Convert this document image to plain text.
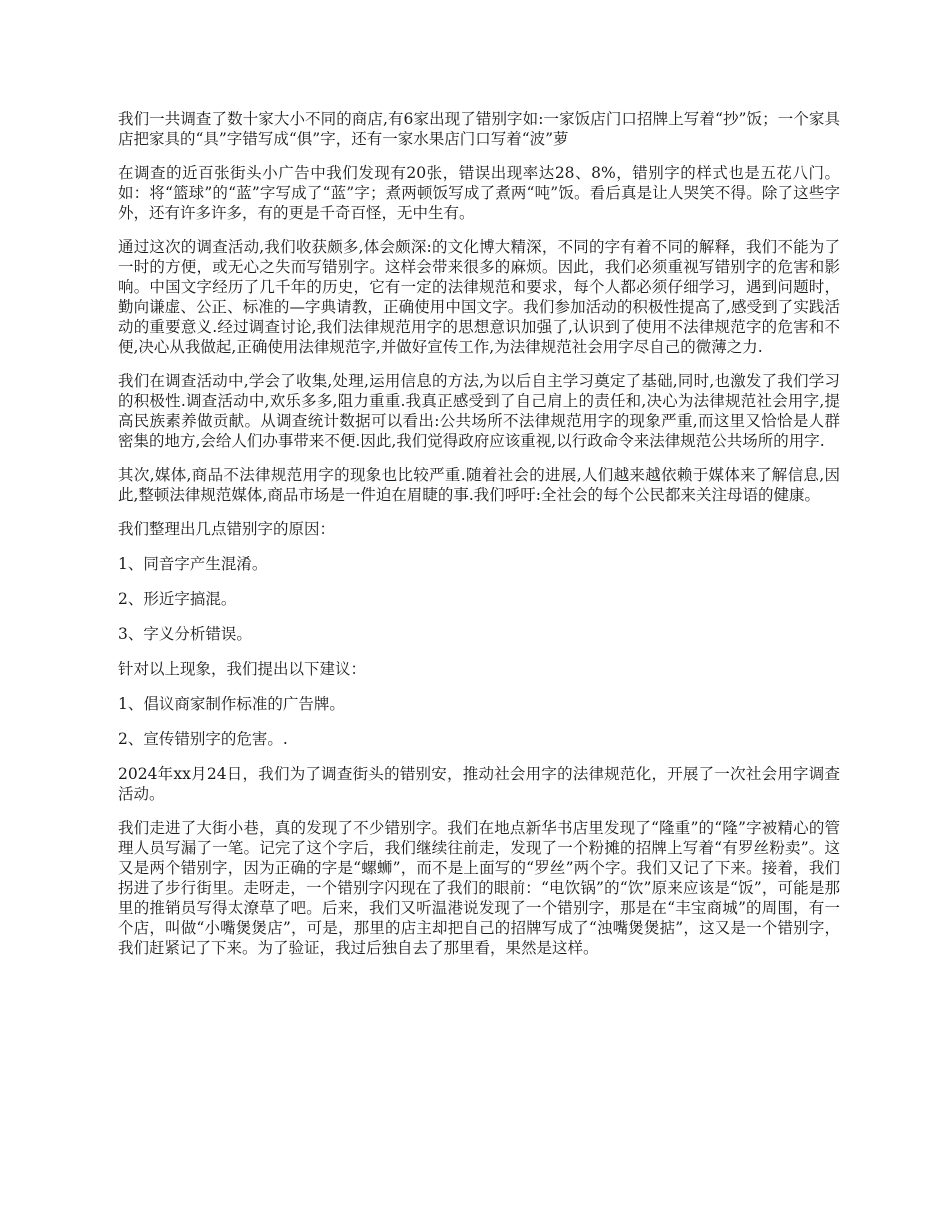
我们一共调查了数十家大小不同的商店,有6家出现了错别字如:一家饭店门口招牌上写着“抄”饭；一个家具店把家具的“具”字错写成“俱”字，还有一家水果店门口写着“波”萝

在调查的近百张街头小广告中我们发现有20张，错误出现率达28、8%，错别字的样式也是五花八门。如：将“篮球”的“蓝”字写成了“蓝”字；煮两顿饭写成了煮两“吨”饭。看后真是让人哭笑不得。除了这些字外，还有许多许多，有的更是千奇百怪，无中生有。

通过这次的调查活动,我们收获颇多,体会颇深:的文化博大精深，不同的字有着不同的解释，我们不能为了一时的方便，或无心之失而写错别字。这样会带来很多的麻烦。因此，我们必须重视写错别字的危害和影响。中国文字经历了几千年的历史，它有一定的法律规范和要求，每个人都必须仔细学习，遇到问题时，勤向谦虚、公正、标准的—字典请教，正确使用中国文字。我们参加活动的积极性提高了,感受到了实践活动的重要意义.经过调查讨论,我们法律规范用字的思想意识加强了,认识到了使用不法律规范字的危害和不便,决心从我做起,正确使用法律规范字,并做好宣传工作,为法律规范社会用字尽自己的微薄之力.

我们在调查活动中,学会了收集,处理,运用信息的方法,为以后自主学习奠定了基础,同时,也激发了我们学习的积极性.调查活动中,欢乐多多,阻力重重.我真正感受到了自己肩上的责任和,决心为法律规范社会用字,提高民族素养做贡献。从调查统计数据可以看出:公共场所不法律规范用字的现象严重,而这里又恰恰是人群密集的地方,会给人们办事带来不便.因此,我们觉得政府应该重视,以行政命令来法律规范公共场所的用字.

其次,媒体,商品不法律规范用字的现象也比较严重.随着社会的进展,人们越来越依赖于媒体来了解信息,因此,整顿法律规范媒体,商品市场是一件迫在眉睫的事.我们呼吁:全社会的每个公民都来关注母语的健康。

我们整理出几点错别字的原因：

1、同音字产生混淆。

2、形近字搞混。

3、字义分析错误。

针对以上现象，我们提出以下建议：

1、倡议商家制作标准的广告牌。

2、宣传错别字的危害。.

2024年xx月24日，我们为了调查街头的错别安，推动社会用字的法律规范化，开展了一次社会用字调查活动。

我们走进了大街小巷，真的发现了不少错别字。我们在地点新华书店里发现了“隆重”的“隆”字被精心的管理人员写漏了一笔。记完了这个字后，我们继续往前走，发现了一个粉摊的招牌上写着“有罗丝粉卖”。这又是两个错别字，因为正确的字是“螺蛳”，而不是上面写的“罗丝”两个字。我们又记了下来。接着，我们拐进了步行街里。走呀走，一个错别字闪现在了我们的眼前：“电饮锅”的“饮”原来应该是“饭”，可能是那里的推销员写得太潦草了吧。后来，我们又听温港说发现了一个错别字，那是在“丰宝商城”的周围，有一个店，叫做“小嘴煲煲店”，可是，那里的店主却把自己的招牌写成了“浊嘴煲煲掂”，这又是一个错别字，我们赶紧记了下来。为了验证，我过后独自去了那里看，果然是这样。
